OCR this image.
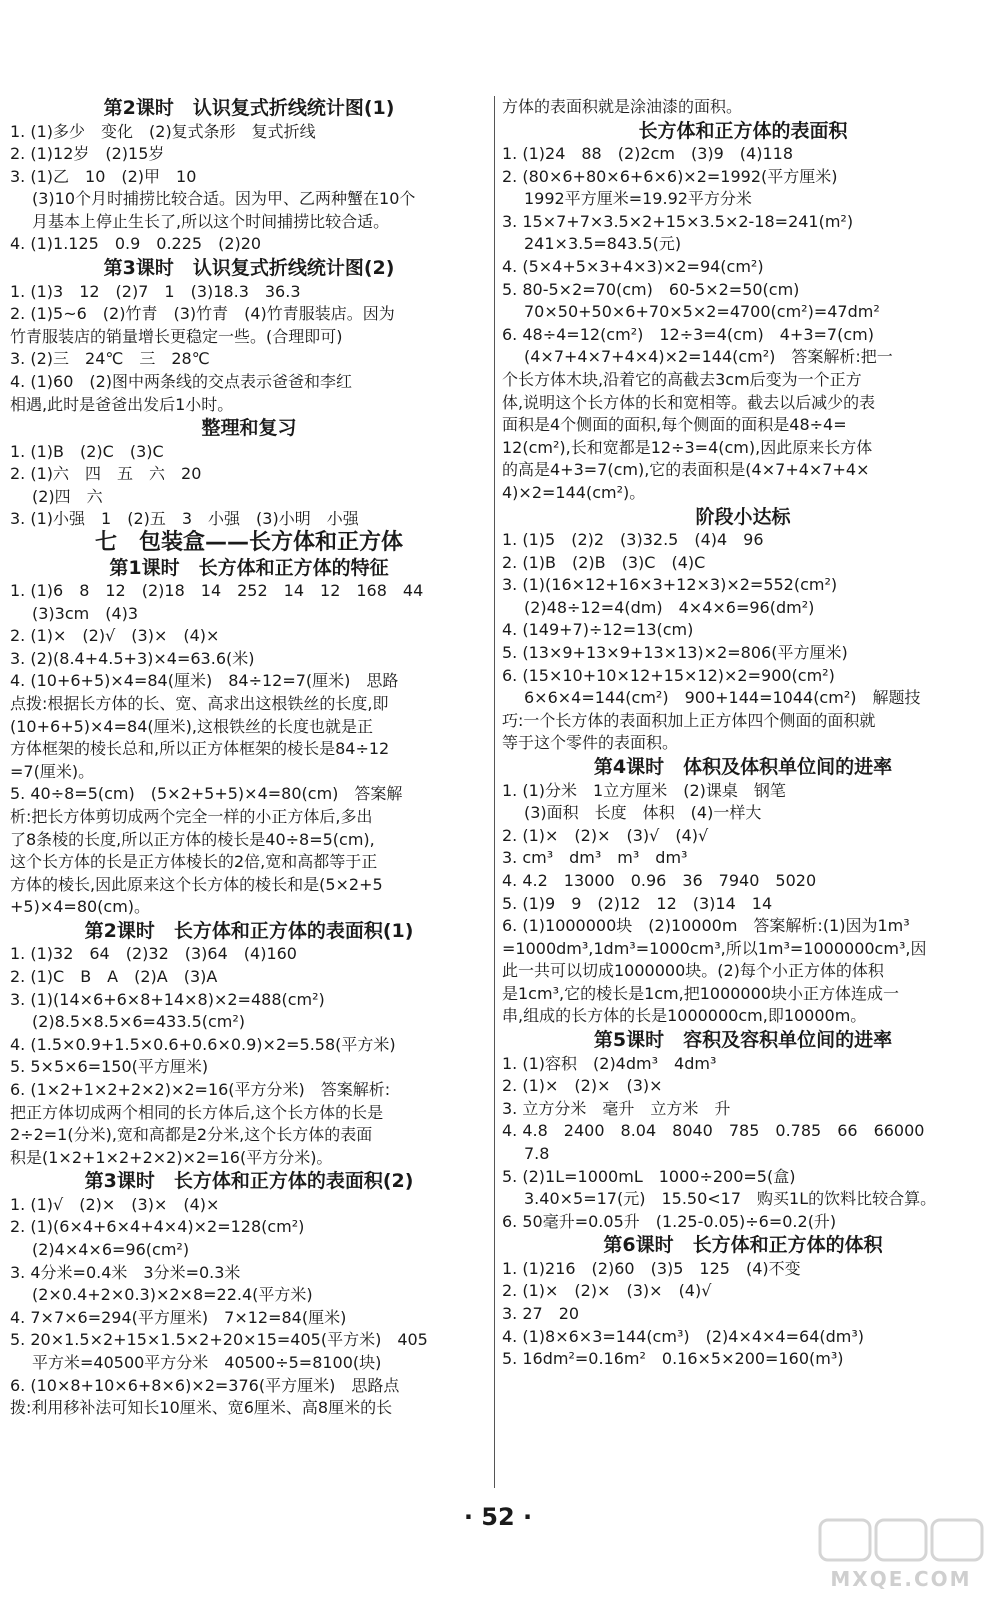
第2课时　认识复式折线统计图(1)
1. (1)多少　变化　(2)复式条形　复式折线
2. (1)12岁　(2)15岁
3. (1)乙　10　(2)甲　10
(3)10个月时捕捞比较合适。因为甲、乙两种蟹在10个
月基本上停止生长了,所以这个时间捕捞比较合适。
4. (1)1.125　0.9　0.225　(2)20
第3课时　认识复式折线统计图(2)
1. (1)3　12　(2)7　1　(3)18.3　36.3
2. (1)5~6　(2)竹青　(3)竹青　(4)竹青服装店。因为
竹青服装店的销量增长更稳定一些。(合理即可)
3. (2)三　24℃　三　28℃
4. (1)60　(2)图中两条线的交点表示爸爸和李红
相遇,此时是爸爸出发后1小时。
整理和复习
1. (1)B　(2)C　(3)C
2. (1)六　四　五　六　20
(2)四　六
3. (1)小强　1　(2)五　3　小强　(3)小明　小强
七　包装盒——长方体和正方体
第1课时　长方体和正方体的特征
1. (1)6　8　12　(2)18　14　252　14　12　168　44
(3)3cm　(4)3
2. (1)×　(2)√　(3)×　(4)×
3. (2)(8.4+4.5+3)×4=63.6(米)
4. (10+6+5)×4=84(厘米)　84÷12=7(厘米)　思路
点拨:根据长方体的长、宽、高求出这根铁丝的长度,即
(10+6+5)×4=84(厘米),这根铁丝的长度也就是正
方体框架的棱长总和,所以正方体框架的棱长是84÷12
=7(厘米)。
5. 40÷8=5(cm)　(5×2+5+5)×4=80(cm)　答案解
析:把长方体剪切成两个完全一样的小正方体后,多出
了8条棱的长度,所以正方体的棱长是40÷8=5(cm),
这个长方体的长是正方体棱长的2倍,宽和高都等于正
方体的棱长,因此原来这个长方体的棱长和是(5×2+5
+5)×4=80(cm)。
第2课时　长方体和正方体的表面积(1)
1. (1)32　64　(2)32　(3)64　(4)160
2. (1)C　B　A　(2)A　(3)A
3. (1)(14×6+6×8+14×8)×2=488(cm²)
(2)8.5×8.5×6=433.5(cm²)
4. (1.5×0.9+1.5×0.6+0.6×0.9)×2=5.58(平方米)
5. 5×5×6=150(平方厘米)
6. (1×2+1×2+2×2)×2=16(平方分米)　答案解析:
把正方体切成两个相同的长方体后,这个长方体的长是
2÷2=1(分米),宽和高都是2分米,这个长方体的表面
积是(1×2+1×2+2×2)×2=16(平方分米)。
第3课时　长方体和正方体的表面积(2)
1. (1)√　(2)×　(3)×　(4)×
2. (1)(6×4+6×4+4×4)×2=128(cm²)
(2)4×4×6=96(cm²)
3. 4分米=0.4米　3分米=0.3米
(2×0.4+2×0.3)×2×8=22.4(平方米)
4. 7×7×6=294(平方厘米)　7×12=84(厘米)
5. 20×1.5×2+15×1.5×2+20×15=405(平方米)　405
平方米=40500平方分米　40500÷5=8100(块)
6. (10×8+10×6+8×6)×2=376(平方厘米)　思路点
拨:利用移补法可知长10厘米、宽6厘米、高8厘米的长
方体的表面积就是涂油漆的面积。
长方体和正方体的表面积
1. (1)24　88　(2)2cm　(3)9　(4)118
2. (80×6+80×6+6×6)×2=1992(平方厘米)
1992平方厘米=19.92平方分米
3. 15×7+7×3.5×2+15×3.5×2-18=241(m²)
241×3.5=843.5(元)
4. (5×4+5×3+4×3)×2=94(cm²)
5. 80-5×2=70(cm)　60-5×2=50(cm)
70×50+50×6+70×5×2=4700(cm²)=47dm²
6. 48÷4=12(cm²)　12÷3=4(cm)　4+3=7(cm)
(4×7+4×7+4×4)×2=144(cm²)　答案解析:把一
个长方体木块,沿着它的高截去3cm后变为一个正方
体,说明这个长方体的长和宽相等。截去以后减少的表
面积是4个侧面的面积,每个侧面的面积是48÷4=
12(cm²),长和宽都是12÷3=4(cm),因此原来长方体
的高是4+3=7(cm),它的表面积是(4×7+4×7+4×
4)×2=144(cm²)。
阶段小达标
1. (1)5　(2)2　(3)32.5　(4)4　96
2. (1)B　(2)B　(3)C　(4)C
3. (1)(16×12+16×3+12×3)×2=552(cm²)
(2)48÷12=4(dm)　4×4×6=96(dm²)
4. (149+7)÷12=13(cm)
5. (13×9+13×9+13×13)×2=806(平方厘米)
6. (15×10+10×12+15×12)×2=900(cm²)
6×6×4=144(cm²)　900+144=1044(cm²)　解题技
巧:一个长方体的表面积加上正方体四个侧面的面积就
等于这个零件的表面积。
第4课时　体积及体积单位间的进率
1. (1)分米　1立方厘米　(2)课桌　钢笔
(3)面积　长度　体积　(4)一样大
2. (1)×　(2)×　(3)√　(4)√
3. cm³　dm³　m³　dm³
4. 4.2　13000　0.96　36　7940　5020
5. (1)9　9　(2)12　12　(3)14　14
6. (1)1000000块　(2)10000m　答案解析:(1)因为1m³
=1000dm³,1dm³=1000cm³,所以1m³=1000000cm³,因
此一共可以切成1000000块。(2)每个小正方体的体积
是1cm³,它的棱长是1cm,把1000000块小正方体连成一
串,组成的长方体的长是1000000cm,即10000m。
第5课时　容积及容积单位间的进率
1. (1)容积　(2)4dm³　4dm³
2. (1)×　(2)×　(3)×
3. 立方分米　毫升　立方米　升
4. 4.8　2400　8.04　8040　785　0.785　66　66000
7.8
5. (2)1L=1000mL　1000÷200=5(盒)
3.40×5=17(元)　15.50<17　购买1L的饮料比较合算。
6. 50毫升=0.05升　(1.25-0.05)÷6=0.2(升)
第6课时　长方体和正方体的体积
1. (1)216　(2)60　(3)5　125　(4)不变
2. (1)×　(2)×　(3)×　(4)√
3. 27　20
4. (1)8×6×3=144(cm³)　(2)4×4×4=64(dm³)
5. 16dm²=0.16m²　0.16×5×200=160(m³)
· 52 ·
MXQE.COM
